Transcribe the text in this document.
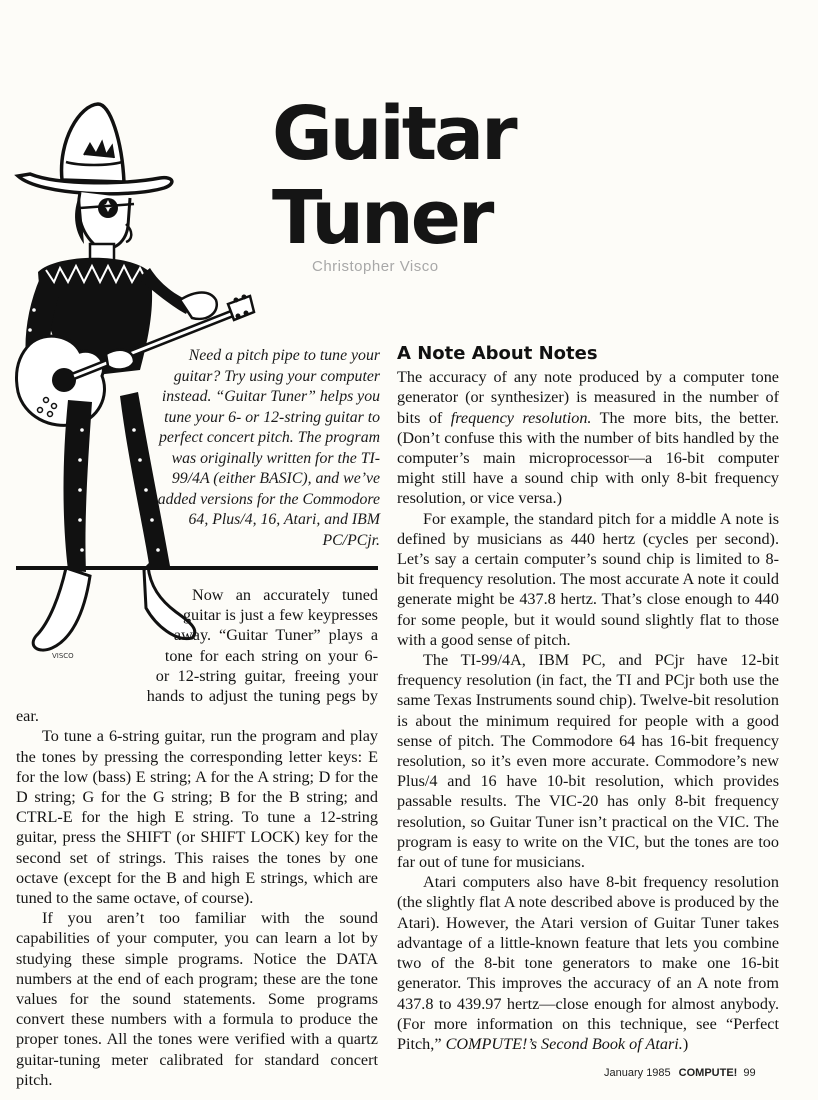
Guitar
Tuner
Christopher Visco
VISCO
Need a pitch pipe to tune your guitar? Try using your computer instead. “Guitar Tuner” helps you tune your 6- or 12-string guitar to perfect concert pitch. The program was originally written for the TI-99/4A (either BASIC), and we’ve added versions for the Commodore 64, Plus/4, 16, Atari, and IBM PC/PCjr.

Now an accurately tuned guitar is just a few keypresses away. “Guitar Tuner” plays a tone for each string on your 6- or 12-string guitar, freeing your hands to adjust the tuning pegs by ear.

To tune a 6-string guitar, run the program and play the tones by pressing the corresponding letter keys: E for the low (bass) E string; A for the A string; D for the D string; G for the G string; B for the B string; and CTRL-E for the high E string. To tune a 12-string guitar, press the SHIFT (or SHIFT LOCK) key for the second set of strings. This raises the tones by one octave (except for the B and high E strings, which are tuned to the same octave, of course).

If you aren’t too familiar with the sound capabilities of your computer, you can learn a lot by studying these simple programs. Notice the DATA numbers at the end of each program; these are the tone values for the sound statements. Some programs convert these numbers with a formula to produce the proper tones. All the tones were verified with a quartz guitar-tuning meter calibrated for standard concert pitch.

A Note About Notes

The accuracy of any note produced by a computer tone generator (or synthesizer) is measured in the number of bits of frequency resolution. The more bits, the better. (Don’t confuse this with the number of bits handled by the computer’s main microprocessor—a 16-bit computer might still have a sound chip with only 8-bit frequency resolution, or vice versa.)

For example, the standard pitch for a middle A note is defined by musicians as 440 hertz (cycles per second). Let’s say a certain computer’s sound chip is limited to 8-bit frequency resolution. The most accurate A note it could generate might be 437.8 hertz. That’s close enough to 440 for some people, but it would sound slightly flat to those with a good sense of pitch.

The TI-99/4A, IBM PC, and PCjr have 12-bit frequency resolution (in fact, the TI and PCjr both use the same Texas Instruments sound chip). Twelve-bit resolution is about the minimum required for people with a good sense of pitch. The Commodore 64 has 16-bit frequency resolution, so it’s even more accurate. Commodore’s new Plus/4 and 16 have 10-bit resolution, which provides passable results. The VIC-20 has only 8-bit frequency resolution, so Guitar Tuner isn’t practical on the VIC. The program is easy to write on the VIC, but the tones are too far out of tune for musicians.

Atari computers also have 8-bit frequency resolution (the slightly flat A note described above is produced by the Atari). However, the Atari version of Guitar Tuner takes advantage of a little-known feature that lets you combine two of the 8-bit tone generators to make one 16-bit generator. This improves the accuracy of an A note from 437.8 to 439.97 hertz—close enough for almost anybody. (For more information on this technique, see “Perfect Pitch,” COMPUTE!’s Second Book of Atari.)

January 1985 COMPUTE! 99
